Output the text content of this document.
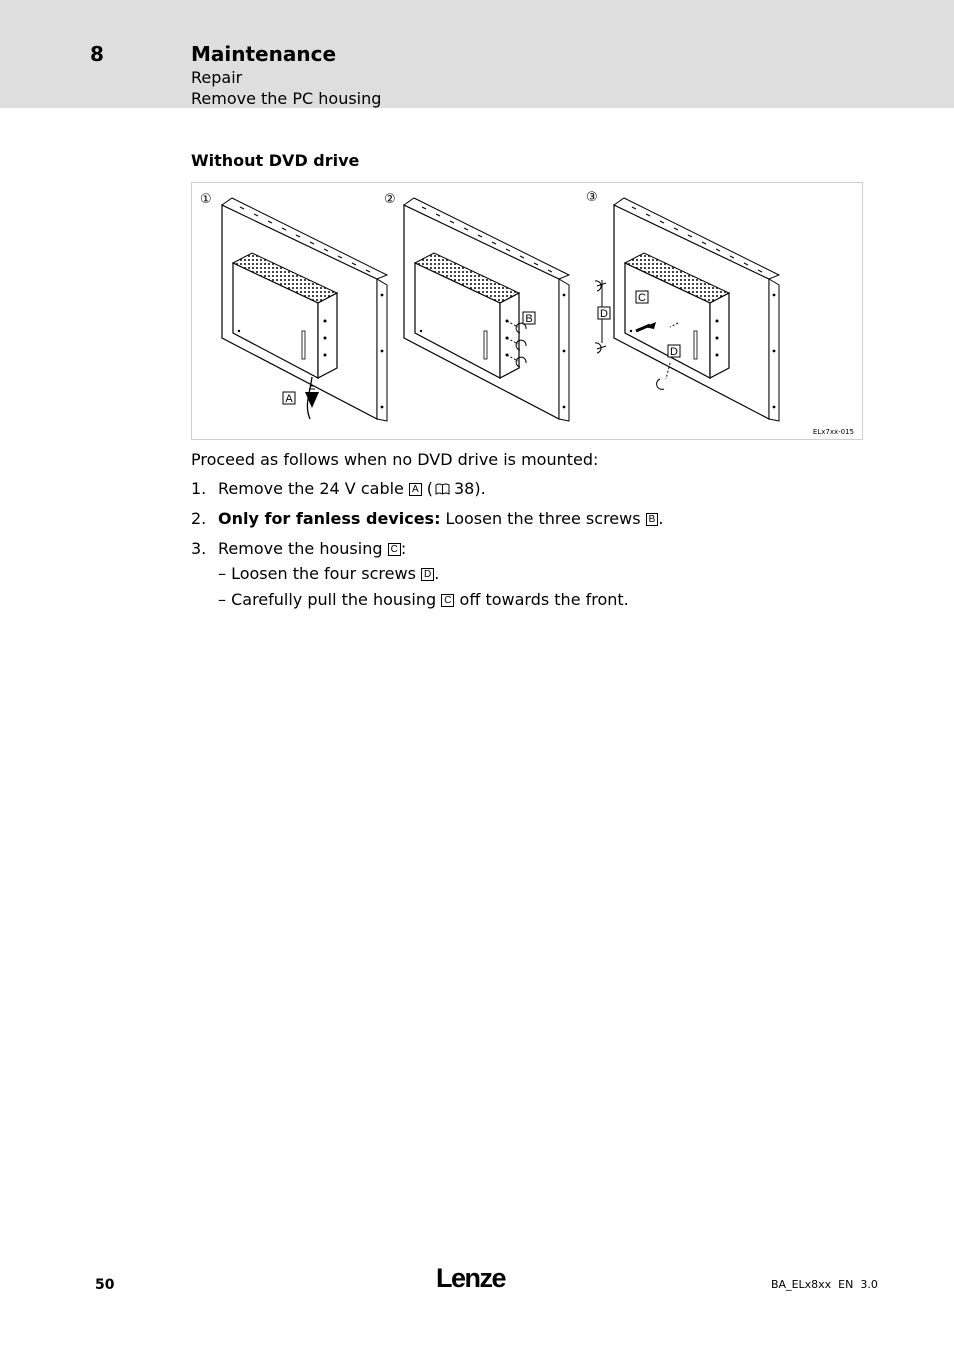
8	Maintenance
Repair
Remove the PC housing
Without DVD drive
①	②	③
A
B
C
D
D
ELx7xx-015
Proceed as follows when no DVD drive is mounted:
1. Remove the 24 V cable A ( 38).
2. Only for fanless devices: Loosen the three screws B .
3. Remove the housing C :
– Loosen the four screws D .
– Carefully pull the housing C off towards the front.
50	Lenze	BA_ELx8xx  EN  3.0
